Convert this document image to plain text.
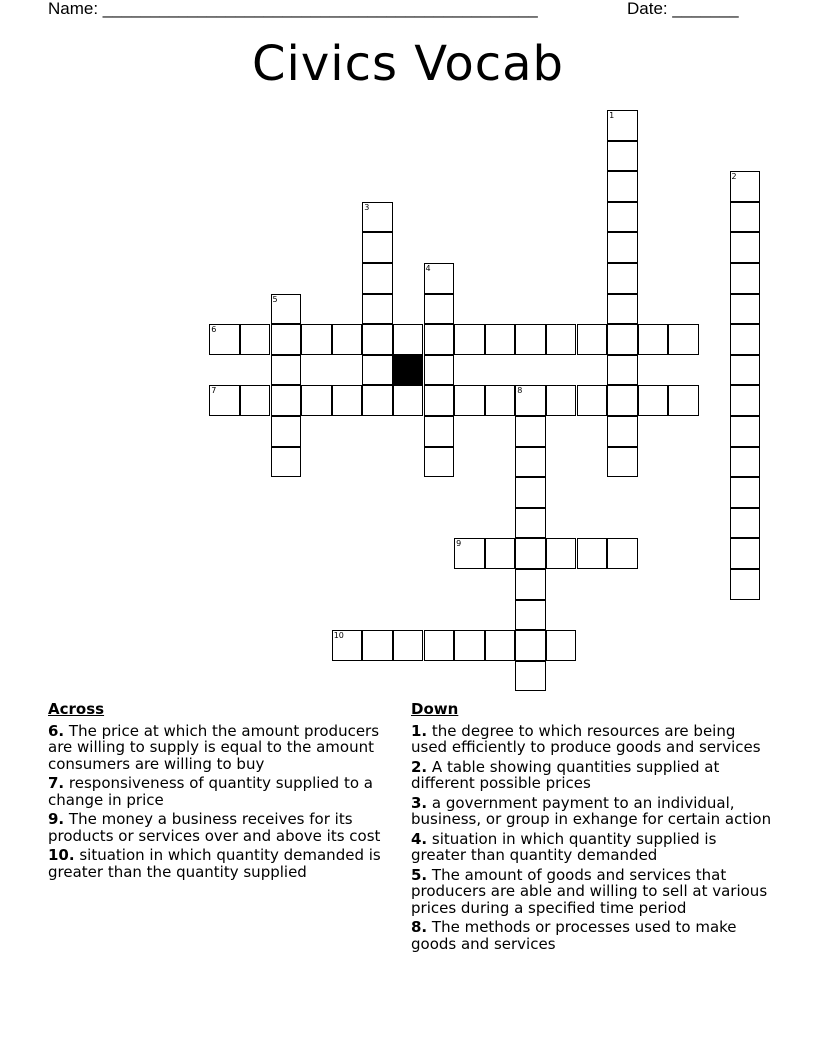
Name: ______________________________________________	Date: _______
Civics Vocab
1
2
3
4
5
6
7	8
9
10
Across
6. The price at which the amount producers are willing to supply is equal to the amount consumers are willing to buy
7. responsiveness of quantity supplied to a change in price
9. The money a business receives for its products or services over and above its cost
10. situation in which quantity demanded is greater than the quantity supplied
Down
1. the degree to which resources are being used efficiently to produce goods and services
2. A table showing quantities supplied at different possible prices
3. a government payment to an individual, business, or group in exhange for certain action
4. situation in which quantity supplied is greater than quantity demanded
5. The amount of goods and services that producers are able and willing to sell at various prices during a specified time period
8. The methods or processes used to make goods and services
